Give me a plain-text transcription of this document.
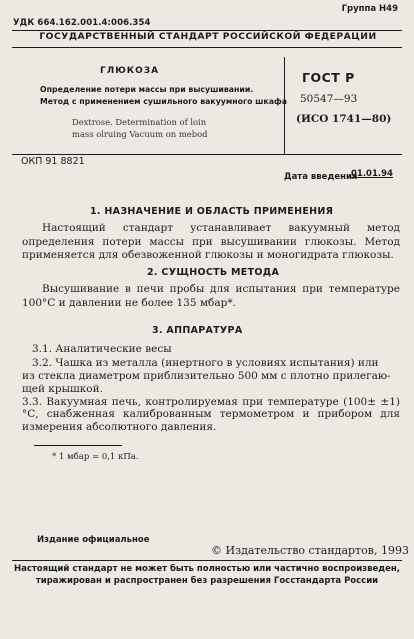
Группа Н49
УДК 664.162.001.4:006.354
ГОСУДАРСТВЕННЫЙ СТАНДАРТ РОССИЙСКОЙ ФЕДЕРАЦИИ
ГЛЮКОЗА
Определение потери массы при высушивании.
Метод с применением сушильного вакуумного шкафа
Dextrose. Determination of loin
mass olruing Vacuum on mebod
ГОСТ Р
50547—93
(ИСО 1741—80)
ОКП 91 8821
Дата введения
01.01.94
1. НАЗНАЧЕНИЕ И ОБЛАСТЬ ПРИМЕНЕНИЯ
Настоящий стандарт устанавливает вакуумный метод определения потери массы при высушивании глюкозы. Метод применяется для обезвоженной глюкозы и моногидрата глюкозы.
2. СУЩНОСТЬ МЕТОДА
Высушивание в печи пробы для испытания при температуре 100°С и давлении не более 135 мбар*.
3. АППАРАТУРА
3.1. Аналитические весы
3.2. Чашка из металла (инертного в условиях испытания) или
из стекла диаметром приблизительно 500 мм с плотно прилегаю-
щей крышкой.
3.3. Вакуумная печь, контролируемая при температуре (100± ±1)°С, снабженная калиброванным термометром и прибором для измерения абсолютного давления.
* 1 мбар = 0,1 кПа.
Издание официальное
© Издательство стандартов, 1993
Настоящий стандарт не может быть полностью или частично воспроизведен, тиражирован и распространен без разрешения Госстандарта России
